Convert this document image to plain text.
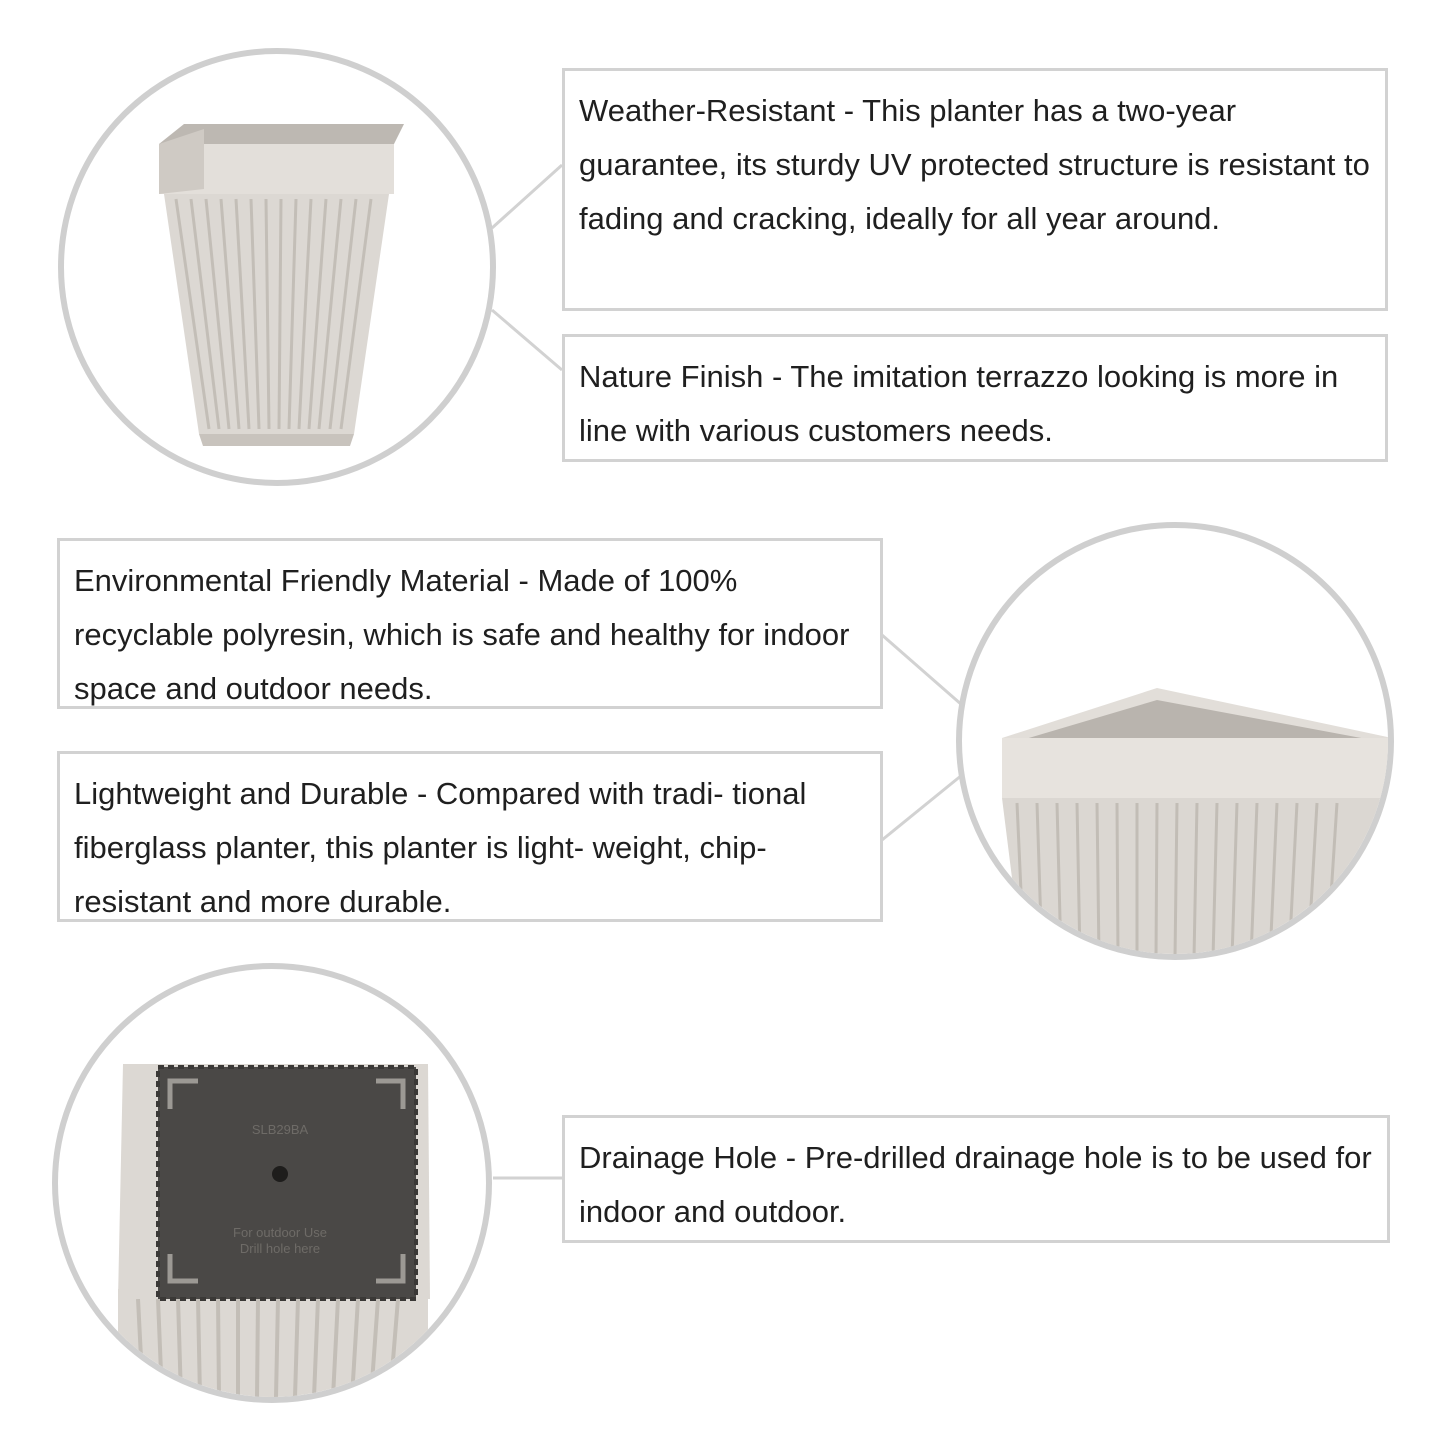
Weather-Resistant - This planter has a two-year guarantee, its sturdy UV protected structure is resistant to fading and cracking, ideally for all year around.
Nature Finish - The imitation terrazzo looking is more in line with various customers needs.
Environmental Friendly Material - Made of 100% recyclable polyresin, which is safe and healthy for indoor space and outdoor needs.
Lightweight and Durable - Compared with tradi- tional fiberglass planter, this planter is light- weight, chip-resistant and more durable.
SLB29BA
For outdoor Use
Drill hole here
Drainage Hole - Pre-drilled drainage hole is to be used for indoor and outdoor.
